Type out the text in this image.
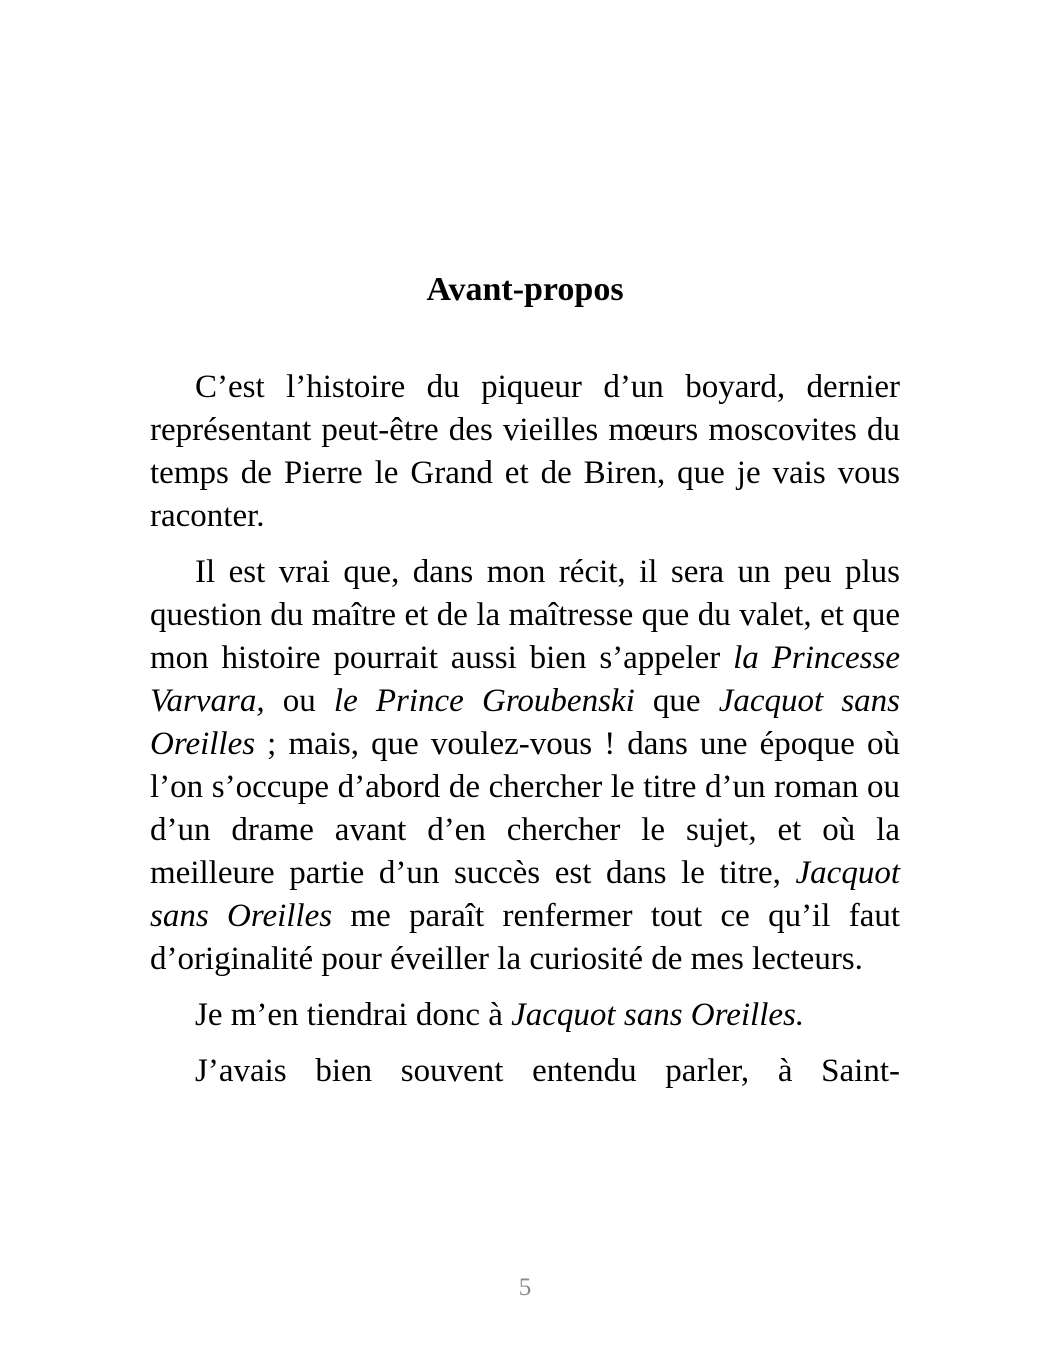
Avant-propos

C’est l’histoire du piqueur d’un boyard, dernier représentant peut-être des vieilles mœurs moscovites du temps de Pierre le Grand et de Biren, que je vais vous raconter.

Il est vrai que, dans mon récit, il sera un peu plus question du maître et de la maîtresse que du valet, et que mon histoire pourrait aussi bien s’appeler la Princesse Varvara, ou le Prince Groubenski que Jacquot sans Oreilles ; mais, que voulez-vous ! dans une époque où l’on s’occupe d’abord de chercher le titre d’un roman ou d’un drame avant d’en chercher le sujet, et où la meilleure partie d’un succès est dans le titre, Jacquot sans Oreilles me paraît renfermer tout ce qu’il faut d’originalité pour éveiller la curiosité de mes lecteurs.

Je m’en tiendrai donc à Jacquot sans Oreilles.

J’avais bien souvent entendu parler, à Saint-

5
